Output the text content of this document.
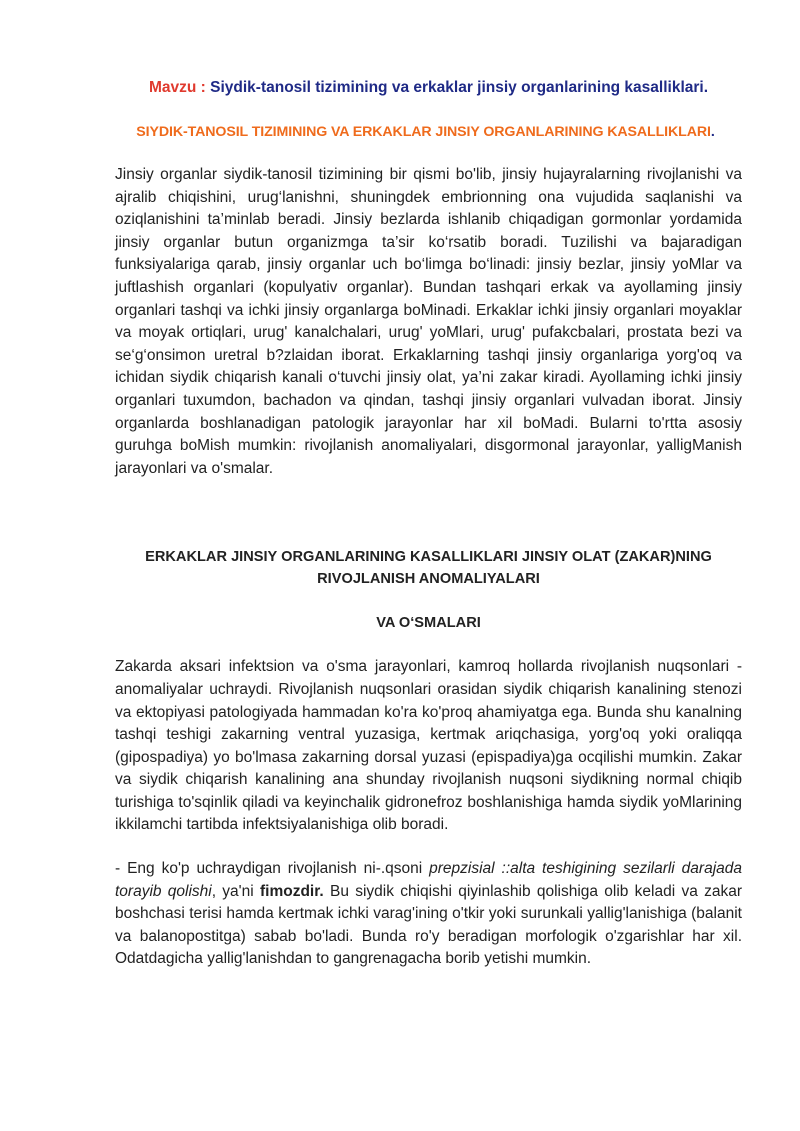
Mavzu : Siydik-tanosil tizimining va erkaklar jinsiy organlarining kasalliklari.

SIYDIK-TANOSIL TIZIMINING VA ERKAKLAR JINSIY ORGANLARINING KASALLIKLARI.

Jinsiy organlar siydik-tanosil tizimining bir qismi bo'lib, jinsiy hujayralarning rivojlanishi va ajralib chiqishini, urug‘lanishni, shuningdek embrionning ona vujudida saqlanishi va oziqlanishini ta’minlab beradi. Jinsiy bezlarda ishlanib chiqadigan gormonlar yordamida jinsiy organlar butun organizmga ta’sir ko‘rsatib boradi. Tuzilishi va bajaradigan funksiyalariga qarab, jinsiy organlar uch bo‘limga bo‘linadi: jinsiy bezlar, jinsiy yoMlar va juftlashish organlari (kopulyativ organlar). Bundan tashqari erkak va ayollaming jinsiy organlari tashqi va ichki jinsiy organlarga boMinadi. Erkaklar ichki jinsiy organlari moyaklar va moyak ortiqlari, urug' kanalchalari, urug' yoMlari, urug' pufakcbalari, prostata bezi va se‘g‘onsimon uretral b?zlaidan iborat. Erkaklarning tashqi jinsiy organlariga yorg'oq va ichidan siydik chiqarish kanali o‘tuvchi jinsiy olat, ya’ni zakar kiradi. Ayollaming ichki jinsiy organlari tuxumdon, bachadon va qindan, tashqi jinsiy organlari vulvadan iborat. Jinsiy organlarda boshlanadigan patologik jarayonlar har xil boMadi. Bularni to'rtta asosiy guruhga boMish mumkin: rivojlanish anomaliyalari, disgormonal jarayonlar, yalligManish jarayonlari va o'smalar.

ERKAKLAR JINSIY ORGANLARINING KASALLIKLARI JINSIY OLAT (ZAKAR)NING RIVOJLANISH ANOMALIYALARI

VA O‘SMALARI

Zakarda aksari infektsion va o'sma jarayonlari, kamroq hollarda rivojlanish nuqsonlari - anomaliyalar uchraydi. Rivojlanish nuqsonlari orasidan siydik chiqarish kanalining stenozi va ektopiyasi patologiyada hammadan ko'ra ko'proq ahamiyatga ega. Bunda shu kanalning tashqi teshigi zakarning ventral yuzasiga, kertmak ariqchasiga, yorg'oq yoki oraliqqa (gipospadiya) yo bo'lmasa zakarning dorsal yuzasi (epispadiya)ga ocqilishi mumkin. Zakar va siydik chiqarish kanalining ana shunday rivojlanish nuqsoni siydikning normal chiqib turishiga to'sqinlik qiladi va keyinchalik gidronefroz boshlanishiga hamda siydik yoMlarining ikkilamchi tartibda infektsiyalanishiga olib boradi.

- Eng ko'p uchraydigan rivojlanish ni-.qsoni prepzisial ::alta teshigining sezilarli darajada torayib qolishi, ya'ni fimozdir. Bu siydik chiqishi qiyinlashib qolishiga olib keladi va zakar boshchasi terisi hamda kertmak ichki varag'ining o'tkir yoki surunkali yallig'lanishiga (balanit va balanopostitga) sabab bo'ladi. Bunda ro'y beradigan morfologik o'zgarishlar har xil. Odatdagicha yallig'lanishdan to gangrenagacha borib yetishi mumkin.
